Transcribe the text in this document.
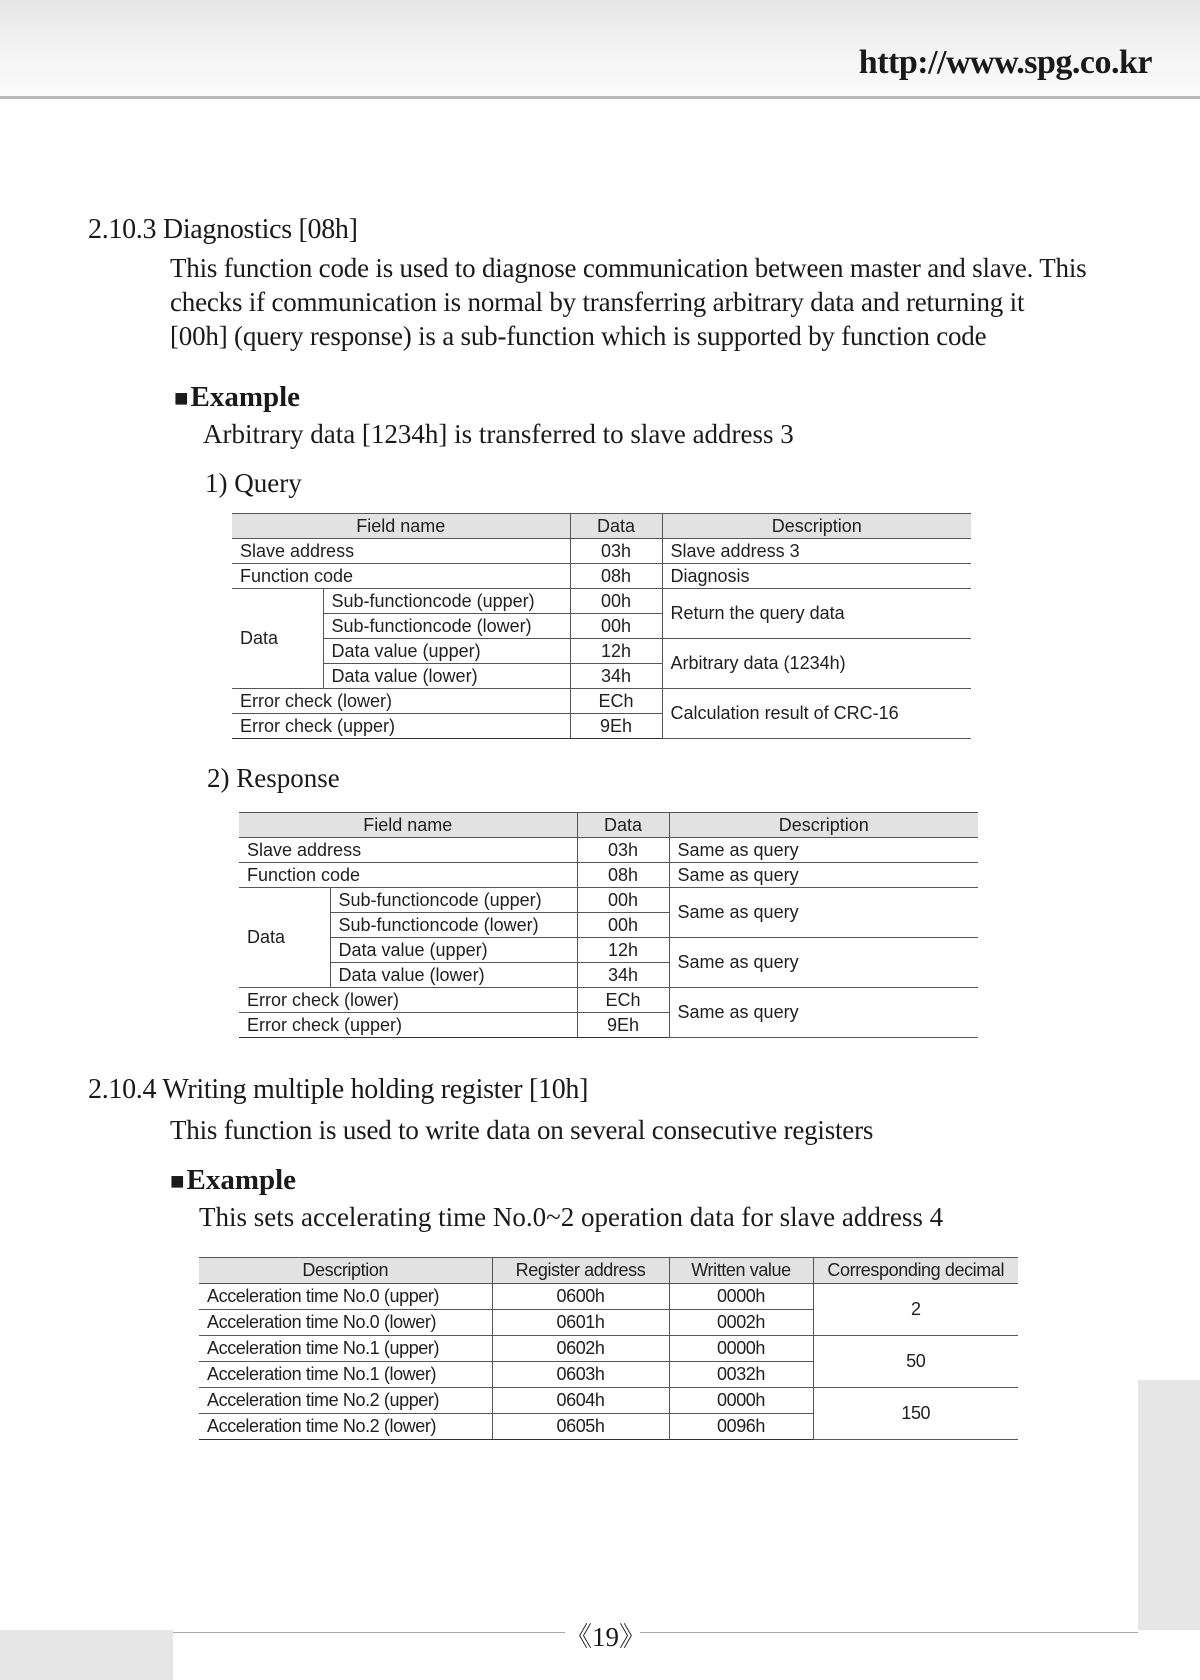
http://www.spg.co.kr
2.10.3 Diagnostics [08h]
This function code is used to diagnose communication between master and slave. This
checks if communication is normal by transferring arbitrary data and returning it
[00h] (query response) is a sub-function which is supported by function code
■Example
Arbitrary data [1234h] is transferred to slave address 3
1) Query
Field name		Data	Description
Slave address		03h	Slave address 3
Function code		08h	Diagnosis
Data	Sub-functioncode (upper)	00h	Return the query data
	Sub-functioncode (lower)	00h	
	Data value (upper)	12h	Arbitrary data (1234h)
	Data value (lower)	34h	
Error check (lower)		ECh	Calculation result of CRC-16
Error check (upper)		9Eh	
2) Response
Field name		Data	Description
Slave address		03h	Same as query
Function code		08h	Same as query
Data	Sub-functioncode (upper)	00h	Same as query
	Sub-functioncode (lower)	00h	
	Data value (upper)	12h	Same as query
	Data value (lower)	34h	
Error check (lower)		ECh	Same as query
Error check (upper)		9Eh	
2.10.4 Writing multiple holding register [10h]
This function is used to write data on several consecutive registers
■Example
This sets accelerating time No.0~2 operation data for slave address 4
Description	Register address	Written value	Corresponding decimal
Acceleration time No.0 (upper)	0600h	0000h	2
Acceleration time No.0 (lower)	0601h	0002h	
Acceleration time No.1 (upper)	0602h	0000h	50
Acceleration time No.1 (lower)	0603h	0032h	
Acceleration time No.2 (upper)	0604h	0000h	150
Acceleration time No.2 (lower)	0605h	0096h	
《19》
